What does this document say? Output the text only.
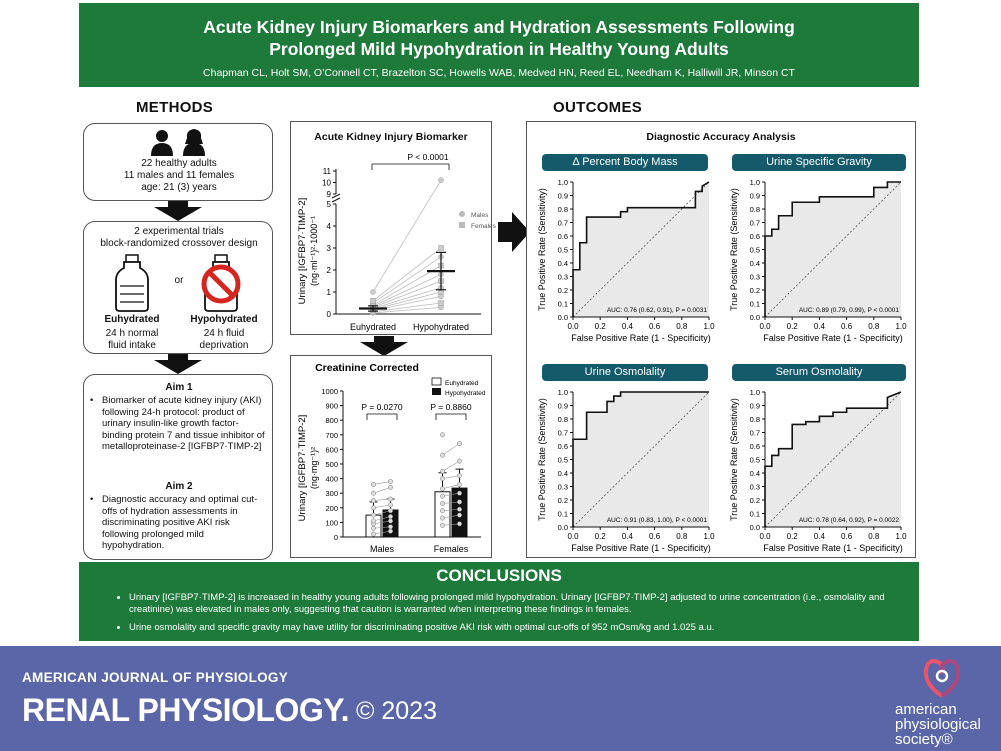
Acute Kidney Injury Biomarkers and Hydration Assessments Following
Prolonged Mild Hypohydration in Healthy Young Adults
Chapman CL, Holt SM, O’Connell CT, Brazelton SC, Howells WAB, Medved HN, Reed EL, Needham K, Halliwill JR, Minson CT
METHODS
22 healthy adults
11 males and 11 females
age: 21 (3) years
2 experimental trials
block-randomized crossover design
or
Euhydrated
24 h normal
fluid intake
Hypohydrated
24 h fluid
deprivation
Aim 1
• Biomarker of acute kidney injury (AKI) following 24-h protocol: product of urinary insulin-like growth factor-binding protein 7 and tissue inhibitor of metalloproteinase-2 [IGFBP7·TIMP-2]
Aim 2
• Diagnostic accuracy and optimal cut-offs of hydration assessments in discriminating positive AKI risk following prolonged mild hypohydration.
Acute Kidney Injury Biomarker
Urinary [IGFBP7·TIMP-2] (ng·ml⁻¹)²·1000⁻¹
0
1
2
3
4
5
9
10
11
P < 0.0001
Males
Females
Euhydrated Hypohydrated
Creatinine Corrected
Urinary [IGFBP7·TIMP-2] (ng·mg⁻¹)²
Euhydrated
Hypohydrated
0
100
200
300
400
500
600
700
800
900
1000
P = 0.0270	P = 0.8860
Males	Females
OUTCOMES
Diagnostic Accuracy Analysis
Δ Percent Body Mass	Urine Specific Gravity
Urine Osmolality	Serum Osmolality
0.0
0.1
0.2
0.3
0.4
0.5
0.6
0.7
0.8
0.9
1.0
0.0 0.2 0.4 0.6 0.8 1.0
False Positive Rate (1 - Specificity)
True Positive Rate (Sensitivity)	AUC: 0.76 (0.62, 0.91), P = 0.0031
0.0
0.1
0.2
0.3
0.4
0.5
0.6
0.7
0.8
0.9
1.0
0.0 0.2 0.4 0.6 0.8 1.0
False Positive Rate (1 - Specificity)
True Positive Rate (Sensitivity)	AUC: 0.89 (0.79, 0.99), P < 0.0001
0.0
0.1
0.2
0.3
0.4
0.5
0.6
0.7
0.8
0.9
1.0
0.0 0.2 0.4 0.6 0.8 1.0
False Positive Rate (1 - Specificity)
True Positive Rate (Sensitivity)	AUC: 0.91 (0.83, 1.00), P < 0.0001
0.0
0.1
0.2
0.3
0.4
0.5
0.6
0.7
0.8
0.9
1.0
0.0 0.2 0.4 0.6 0.8 1.0
False Positive Rate (1 - Specificity)
True Positive Rate (Sensitivity)	AUC: 0.78 (0.64, 0.92), P = 0.0022
CONCLUSIONS
• Urinary [IGFBP7·TIMP-2] is increased in healthy young adults following prolonged mild hypohydration. Urinary [IGFBP7·TIMP-2] adjusted to urine concentration (i.e., osmolality and creatinine) was elevated in males only, suggesting that caution is warranted when interpreting these findings in females.
• Urine osmolality and specific gravity may have utility for discriminating positive AKI risk with optimal cut-offs of 952 mOsm/kg and 1.025 a.u.
AMERICAN JOURNAL OF PHYSIOLOGY
RENAL PHYSIOLOGY. © 2023	american
physiological
society®
